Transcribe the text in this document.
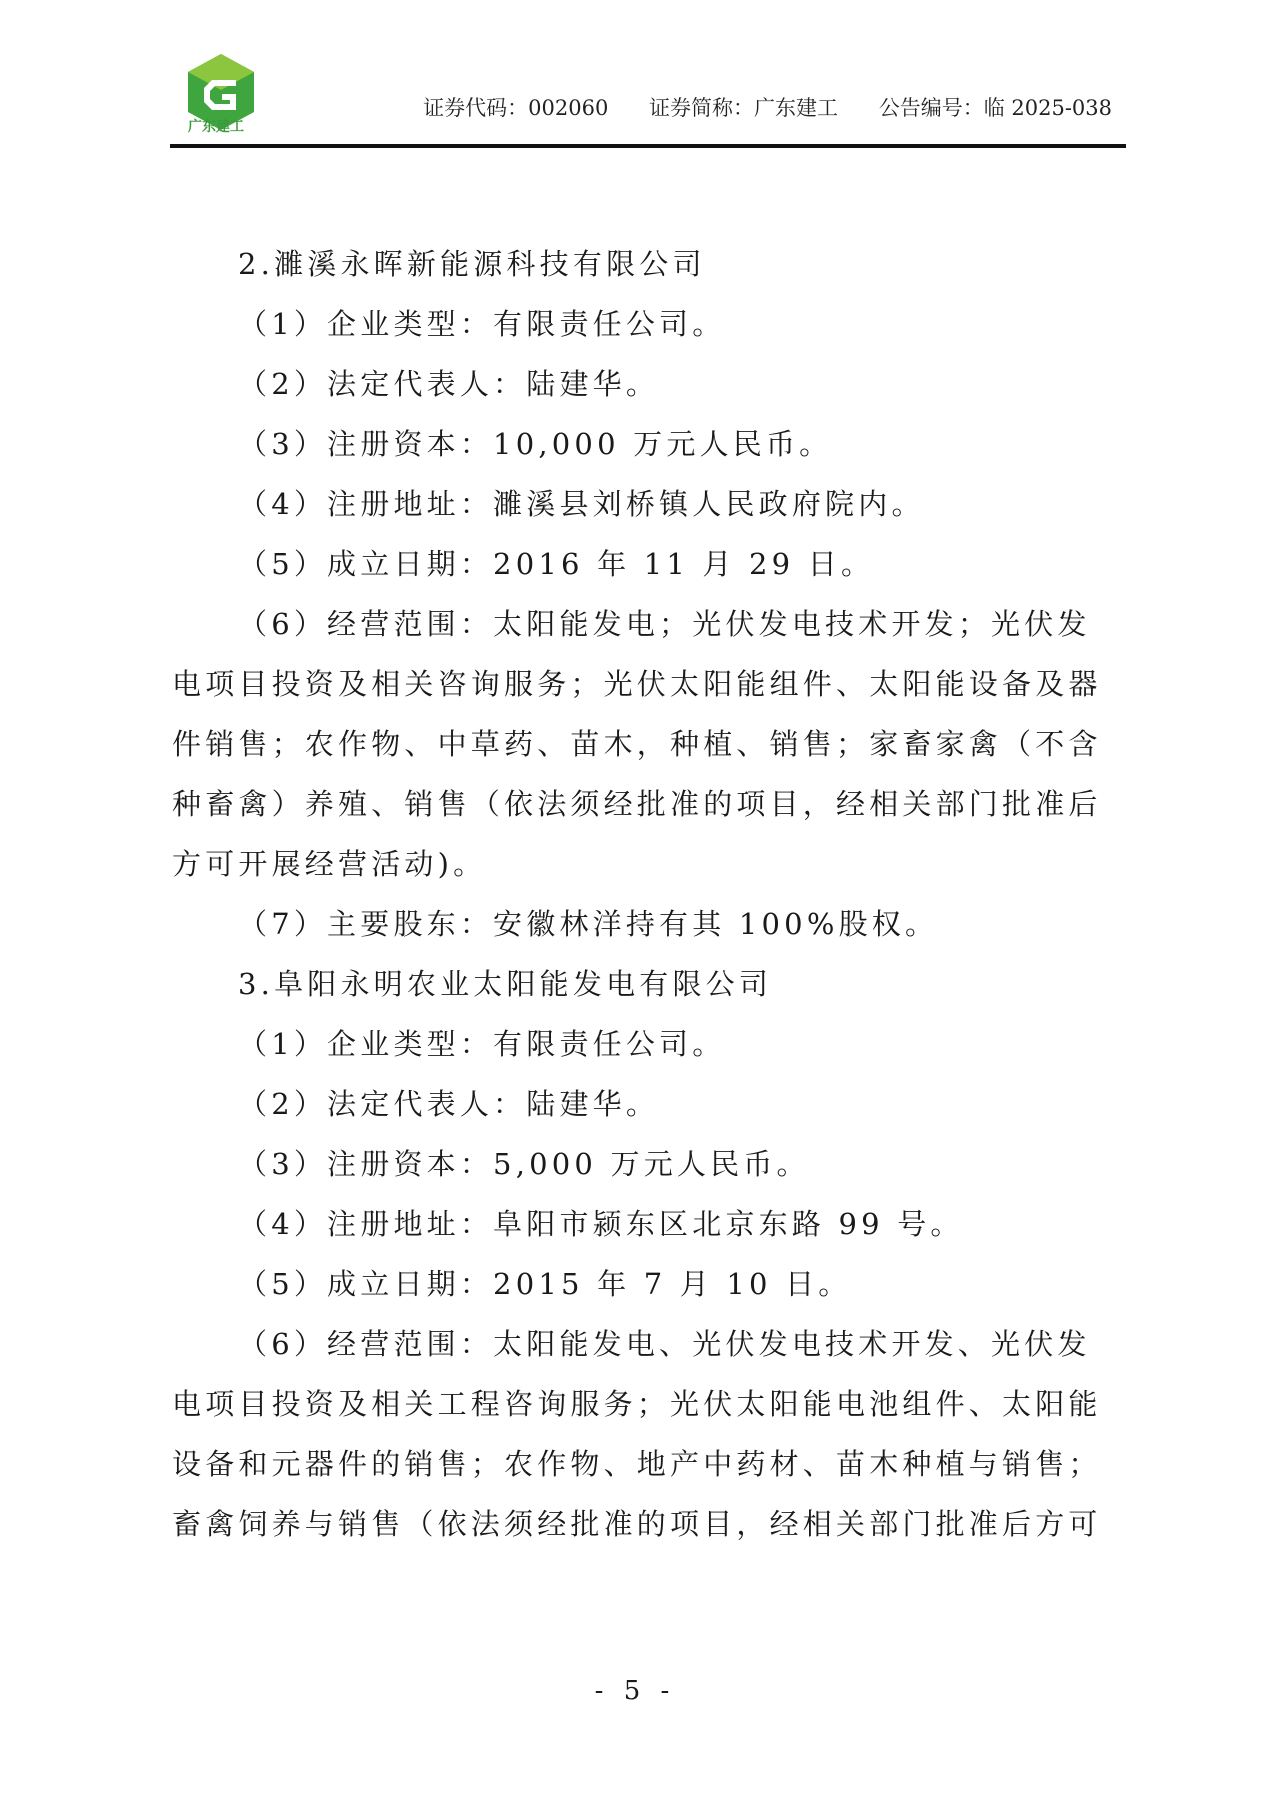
广东建工
证券代码：002060 证券简称：广东建工 公告编号：临 2025-038

2.濉溪永晖新能源科技有限公司

（1）企业类型：有限责任公司。

（2）法定代表人：陆建华。

（3）注册资本：10,000 万元人民币。

（4）注册地址：濉溪县刘桥镇人民政府院内。

（5）成立日期：2016 年 11 月 29 日。

（6）经营范围：太阳能发电；光伏发电技术开发；光伏发电项目投资及相关咨询服务；光伏太阳能组件、太阳能设备及器件销售；农作物、中草药、苗木，种植、销售；家畜家禽（不含种畜禽）养殖、销售（依法须经批准的项目，经相关部门批准后方可开展经营活动)。

（7）主要股东：安徽林洋持有其 100%股权。

3.阜阳永明农业太阳能发电有限公司

（1）企业类型：有限责任公司。

（2）法定代表人：陆建华。

（3）注册资本：5,000 万元人民币。

（4）注册地址：阜阳市颍东区北京东路 99 号。

（5）成立日期：2015 年 7 月 10 日。

（6）经营范围：太阳能发电、光伏发电技术开发、光伏发电项目投资及相关工程咨询服务；光伏太阳能电池组件、太阳能设备和元器件的销售；农作物、地产中药材、苗木种植与销售；畜禽饲养与销售（依法须经批准的项目，经相关部门批准后方可

- 5 -
